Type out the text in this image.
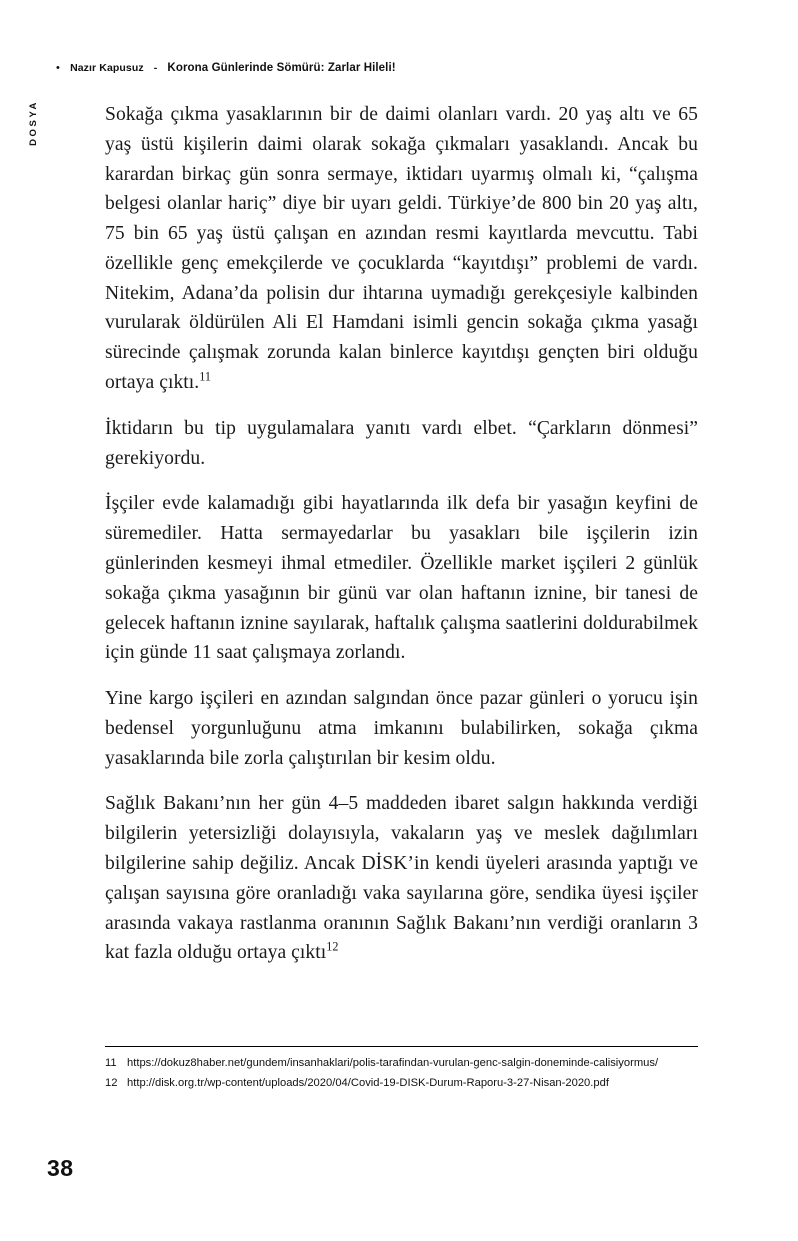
• Nazır Kapusuz - Korona Günlerinde Sömürü: Zarlar Hileli!
DOSYA	Sokağa çıkma yasaklarının bir de daimi olanları vardı. 20 yaş altı ve 65 yaş üstü kişilerin daimi olarak sokağa çıkmaları yasaklandı. Ancak bu karardan birkaç gün sonra sermaye, iktidarı uyarmış olmalı ki, “çalışma belgesi olanlar hariç” diye bir uyarı geldi. Türkiye’de 800 bin 20 yaş altı, 75 bin 65 yaş üstü çalışan en azından resmi kayıtlarda mevcuttu. Tabi özellikle genç emekçilerde ve çocuklarda “kayıtdışı” problemi de vardı. Nitekim, Adana’da polisin dur ihtarına uymadığı gerekçesiyle kalbinden vurularak öldürülen Ali El Hamdani isimli gencin sokağa çıkma yasağı sürecinde çalışmak zorunda kalan binlerce kayıtdışı gençten biri olduğu ortaya çıktı.$^{11}$

İktidarın bu tip uygulamalara yanıtı vardı elbet. “Çarkların dönmesi” gerekiyordu.

İşçiler evde kalamadığı gibi hayatlarında ilk defa bir yasağın keyfini de süremediler. Hatta sermayedarlar bu yasakları bile işçilerin izin günlerinden kesmeyi ihmal etmediler. Özellikle market işçileri 2 günlük sokağa çıkma yasağının bir günü var olan haftanın iznine, bir tanesi de gelecek haftanın iznine sayılarak, haftalık çalışma saatlerini doldurabilmek için günde 11 saat çalışmaya zorlandı.

Yine kargo işçileri en azından salgından önce pazar günleri o yorucu işin bedensel yorgunluğunu atma imkanını bulabilirken, sokağa çıkma yasaklarında bile zorla çalıştırılan bir kesim oldu.

Sağlık Bakanı’nın her gün 4–5 maddeden ibaret salgın hakkında verdiği bilgilerin yetersizliği dolayısıyla, vakaların yaş ve meslek dağılımları bilgilerine sahip değiliz. Ancak DİSK’in kendi üyeleri arasında yaptığı ve çalışan sayısına göre oranladığı vaka sayılarına göre, sendika üyesi işçiler arasında vakaya rastlanma oranının Sağlık Bakanı’nın verdiği oranların 3 kat fazla olduğu ortaya çıktı$^{12}$

11 https://dokuz8haber.net/gundem/insanhaklari/polis-tarafindan-vurulan-genc-salgin-doneminde-calisiyormus/
12 http://disk.org.tr/wp-content/uploads/2020/04/Covid-19-DISK-Durum-Raporu-3-27-Nisan-2020.pdf
38
